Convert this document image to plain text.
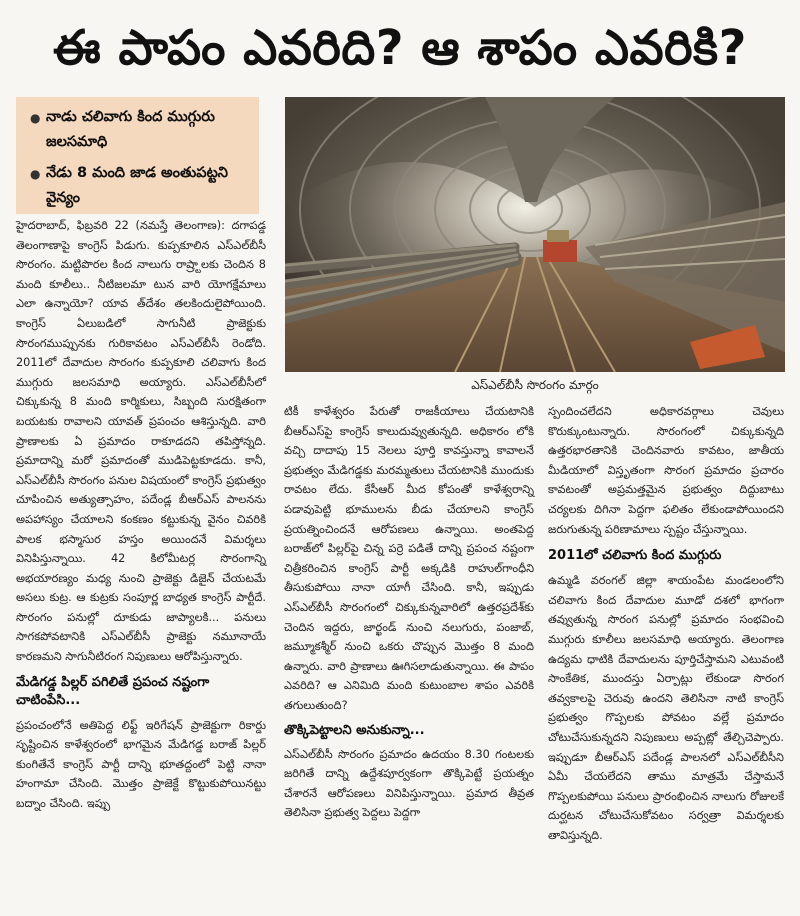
ఈ పాపం ఎవరిది? ఆ శాపం ఎవరికి?
● నాడు చలివాగు కింద ముగ్గురు జలసమాధి
● నేడు 8 మంది జాడ అంతుపట్టని వైన్యం
ఎస్‌ఎల్‌బీసీ సొరంగం మార్గం

హైదరాబాద్‌, ఫిబ్రవరి 22 (నమస్తే తెలంగాణ): దగాపడ్డ తెలంగాణాపై కాంగ్రెస్‌ పిడుగు. కుప్పకూలిన ఎస్‌ఎల్‌బీసీ సొరంగం. మట్టిపొరల కింద నాలుగు రాష్ర్టాలకు చెందిన 8 మంది కూలీలు.. నీటిజలమా టున వారి యోగక్షేమాలు ఎలా ఉన్నాయో? యావ త్‌దేశం తలకిందులైపోయింది. కాంగ్రెస్‌ ఏలుబడిలో సాగునీటి ప్రాజెక్టుకు సొరంగముప్పునకు గురికావటం ఎస్‌ఎల్‌బీసీ రెండోది. 2011లో దేవాదుల సొరంగం కుప్పకూలి చలివాగు కింద ముగ్గురు జలసమాధి అయ్యారు. ఎస్‌ఎల్‌బీసీలో చిక్కుకున్న 8 మంది కార్మికులు, సిబ్బంది సురక్షితంగా బయటకు రావాలని యావత్‌ ప్రపంచం ఆశిస్తున్నది. వారి ప్రాణాలకు ఏ ప్రమాదం రాకూడదని తపిస్తోన్నది. ప్రమాదాన్ని మరో ప్రమాదంతో ముడిపెట్టకూడదు. కానీ, ఎస్‌ఎల్‌బీసీ సొరంగం పనుల విషయంలో కాంగ్రెస్‌ ప్రభుత్వం చూపించిన అత్యుత్సాహం, పదేండ్ల బీఆర్‌ఎస్‌ పాలనను అపహాస్యం చేయాలని కంకణం కట్టుకున్న వైనం చివరికి పాలక భస్మాసుర హస్తం అయిందనే విమర్శలు వినిపిస్తున్నాయి. 42 కిలోమీటర్ల సొరంగాన్ని అభయారణ్యం మధ్య నుంచి ప్రాజెక్టు డిజైన్‌ చేయటమే అసలు కుట్ర. ఆ కుట్రకు సంపూర్ణ బాధ్యత కాంగ్రెస్‌ పార్టీదే. సొరంగం పనుల్లో దూకుడు జాప్యాలకి... పనులు సాగకపోవటానికి ఎస్‌ఎల్‌బీసీ ప్రాజెక్టు నమూనాయే కారణమని సాగునీటిరంగ నిపుణులు ఆరోపిస్తున్నారు.

మేడిగడ్డ పిల్లర్‌ పగిలితే ప్రపంచ నష్టంగా చాటింపేసి...

ప్రపంచంలోనే అతిపెద్ద లిఫ్ట్‌ ఇరిగేషన్‌ ప్రాజెక్టుగా రికార్డు సృష్టించిన కాళేశ్వరంలో భాగమైన మేడిగడ్డ బరాజ్‌ పిల్లర్‌ కుంగితేనే కాంగ్రెస్‌ పార్టీ దాన్ని భూతద్దంలో పెట్టి నానా హంగామా చేసింది. మొత్తం ప్రాజెక్టే కొట్టుకుపోయినట్టు బద్నాం చేసింది. ఇప్పు

టికీ కాళేశ్వరం పేరుతో రాజకీయాలు చేయటానికి బీఆర్‌ఎస్‌పై కాంగ్రెస్‌ కాలుదువ్వుతున్నది. అధికారం లోకి వచ్చి దాదాపు 15 నెలలు పూర్తి కావస్తున్నా కావాలనే ప్రభుత్వం మేడిగడ్డకు మరమ్మతులు చేయటానికి ముందుకు రావటం లేదు. కేసీఆర్‌ మీద కోపంతో కాళేశ్వరాన్ని పడావుపెట్టి భూములను బీడు చేయాలని కాంగ్రెస్‌ ప్రయత్నించిందనే ఆరోపణలు ఉన్నాయి. అంతపెద్ద బరాజ్‌లో పిల్లర్‌పై చిన్న పర్రె పడితే దాన్ని ప్రపంచ నష్టంగా చిత్రీకరించిన కాంగ్రెస్‌ పార్టీ అక్కడికి రాహుల్‌గాంధీని తీసుకుపోయి నానా యాగీ చేసింది. కానీ, ఇప్పుడు ఎస్‌ఎల్‌బీసీ సొరంగంలో చిక్కుకున్నవారిలో ఉత్తరప్రదేశ్‌కు చెందిన ఇద్దరు, జార్ఖండ్‌ నుంచి నలుగురు, పంజాబ్‌, జమ్మూకశ్మీర్‌ నుంచి ఒకరు చొప్పున మొత్తం 8 మంది ఉన్నారు. వారి ప్రాణాలు ఊగిసలాడుతున్నాయి. ఈ పాపం ఎవరిది? ఆ ఎనిమిది మంది కుటుంబాల శాపం ఎవరికి తగులుతుంది?

తొక్కిపెట్టాలని అనుకున్నా...

ఎస్‌ఎల్‌బీసీ సొరంగం ప్రమాదం ఉదయం 8.30 గంటలకు జరిగితే దాన్ని ఉద్దేశపూర్వకంగా తొక్కిపెట్టే ప్రయత్నం చేశారనే ఆరోపణలు వినిపిస్తున్నాయి. ప్రమాద తీవ్రత తెలిసినా ప్రభుత్వ పెద్దలు పెద్దగా

స్పందించలేదని అధికారవర్గాలు చెవులు కొరుక్కుంటున్నారు. సొరంగంలో చిక్కుకున్నది ఉత్తరభారతానికి చెందినవారు కావటం, జాతీయ మీడియాలో విస్తృతంగా సొరంగ ప్రమాదం ప్రచారం కావటంతో అప్రమత్తమైన ప్రభుత్వం దిద్దుబాటు చర్యలకు దిగినా పెద్దగా ఫలితం లేకుండాపోయిందని జరుగుతున్న పరిణామాలు స్పష్టం చేస్తున్నాయి.

2011లో చలివాగు కింద ముగ్గురు

ఉమ్మడి వరంగల్‌ జిల్లా శాయంపేట మండలంలోని చలివాగు కింద దేవాదుల మూడో దశలో భాగంగా తవ్వుతున్న సొరంగ పనుల్లో ప్రమాదం సంభవించి ముగ్గురు కూలీలు జలసమాధి అయ్యారు. తెలంగాణ ఉద్యమ ధాటికి దేవాదులను పూర్తిచేస్తామని ఎటువంటి సాంకేతిక, ముందస్తు ఏర్పాట్లు లేకుండా సొరంగ తవ్వకాలపై చెరువు ఉందని తెలిసినా నాటి కాంగ్రెస్‌ ప్రభుత్వం గొప్పలకు పోవటం వల్లే ప్రమాదం చోటుచేసుకున్నదని నిపుణులు అప్పట్లో తేల్చిచెప్పారు. ఇప్పుడూ బీఆర్‌ఎస్‌ పదేండ్ల పాలనలో ఎస్‌ఎల్‌బీసీని ఏమీ చేయలేదని తాము మాత్రమే చేస్తామనే గొప్పలకుపోయి పనులు ప్రారంభించిన నాలుగు రోజులకే దుర్ఘటన చోటుచేసుకోవటం సర్వత్రా విమర్శలకు తావిస్తున్నది.
